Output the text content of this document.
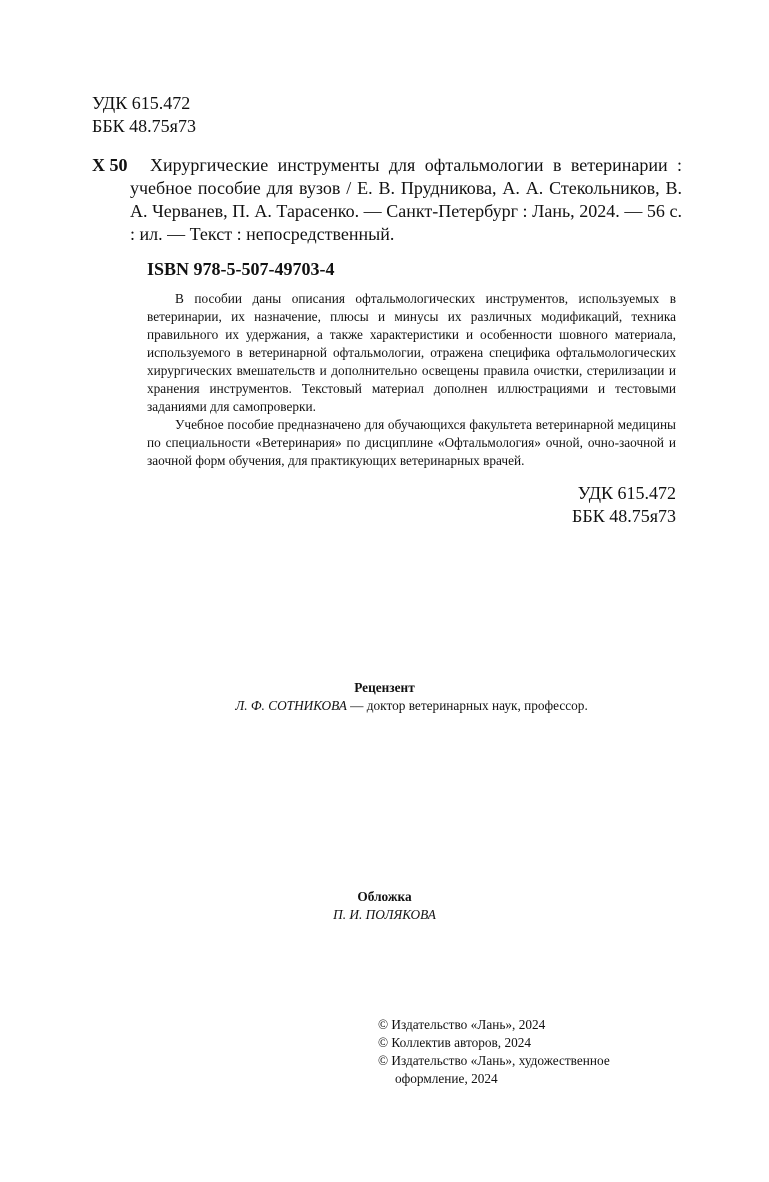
УДК 615.472
ББК 48.75я73
Х 50	Хирургические инструменты для офтальмологии в ветеринарии : учебное пособие для вузов / Е. В. Прудникова, А. А. Стекольников, В. А. Черванев, П. А. Тарасенко. — Санкт-Петербург : Лань, 2024. — 56 с. : ил. — Текст : непосредственный.
ISBN 978-5-507-49703-4

В пособии даны описания офтальмологических инструментов, используемых в ветеринарии, их назначение, плюсы и минусы их различных модификаций, техника правильного их удержания, а также характеристики и особенности шовного материала, используемого в ветеринарной офтальмологии, отражена специфика офтальмологических хирургических вмешательств и дополнительно освещены правила очистки, стерилизации и хранения инструментов. Текстовый материал дополнен иллюстрациями и тестовыми заданиями для самопроверки.

Учебное пособие предназначено для обучающихся факультета ветеринарной медицины по специальности «Ветеринария» по дисциплине «Офтальмология» очной, очно-заочной и заочной форм обучения, для практикующих ветеринарных врачей.

УДК 615.472
ББК 48.75я73
Рецензент
Л. Ф. СОТНИКОВА — доктор ветеринарных наук, профессор.
Обложка
П. И. ПОЛЯКОВА
© Издательство «Лань», 2024
© Коллектив авторов, 2024
© Издательство «Лань», художественное
оформление, 2024
